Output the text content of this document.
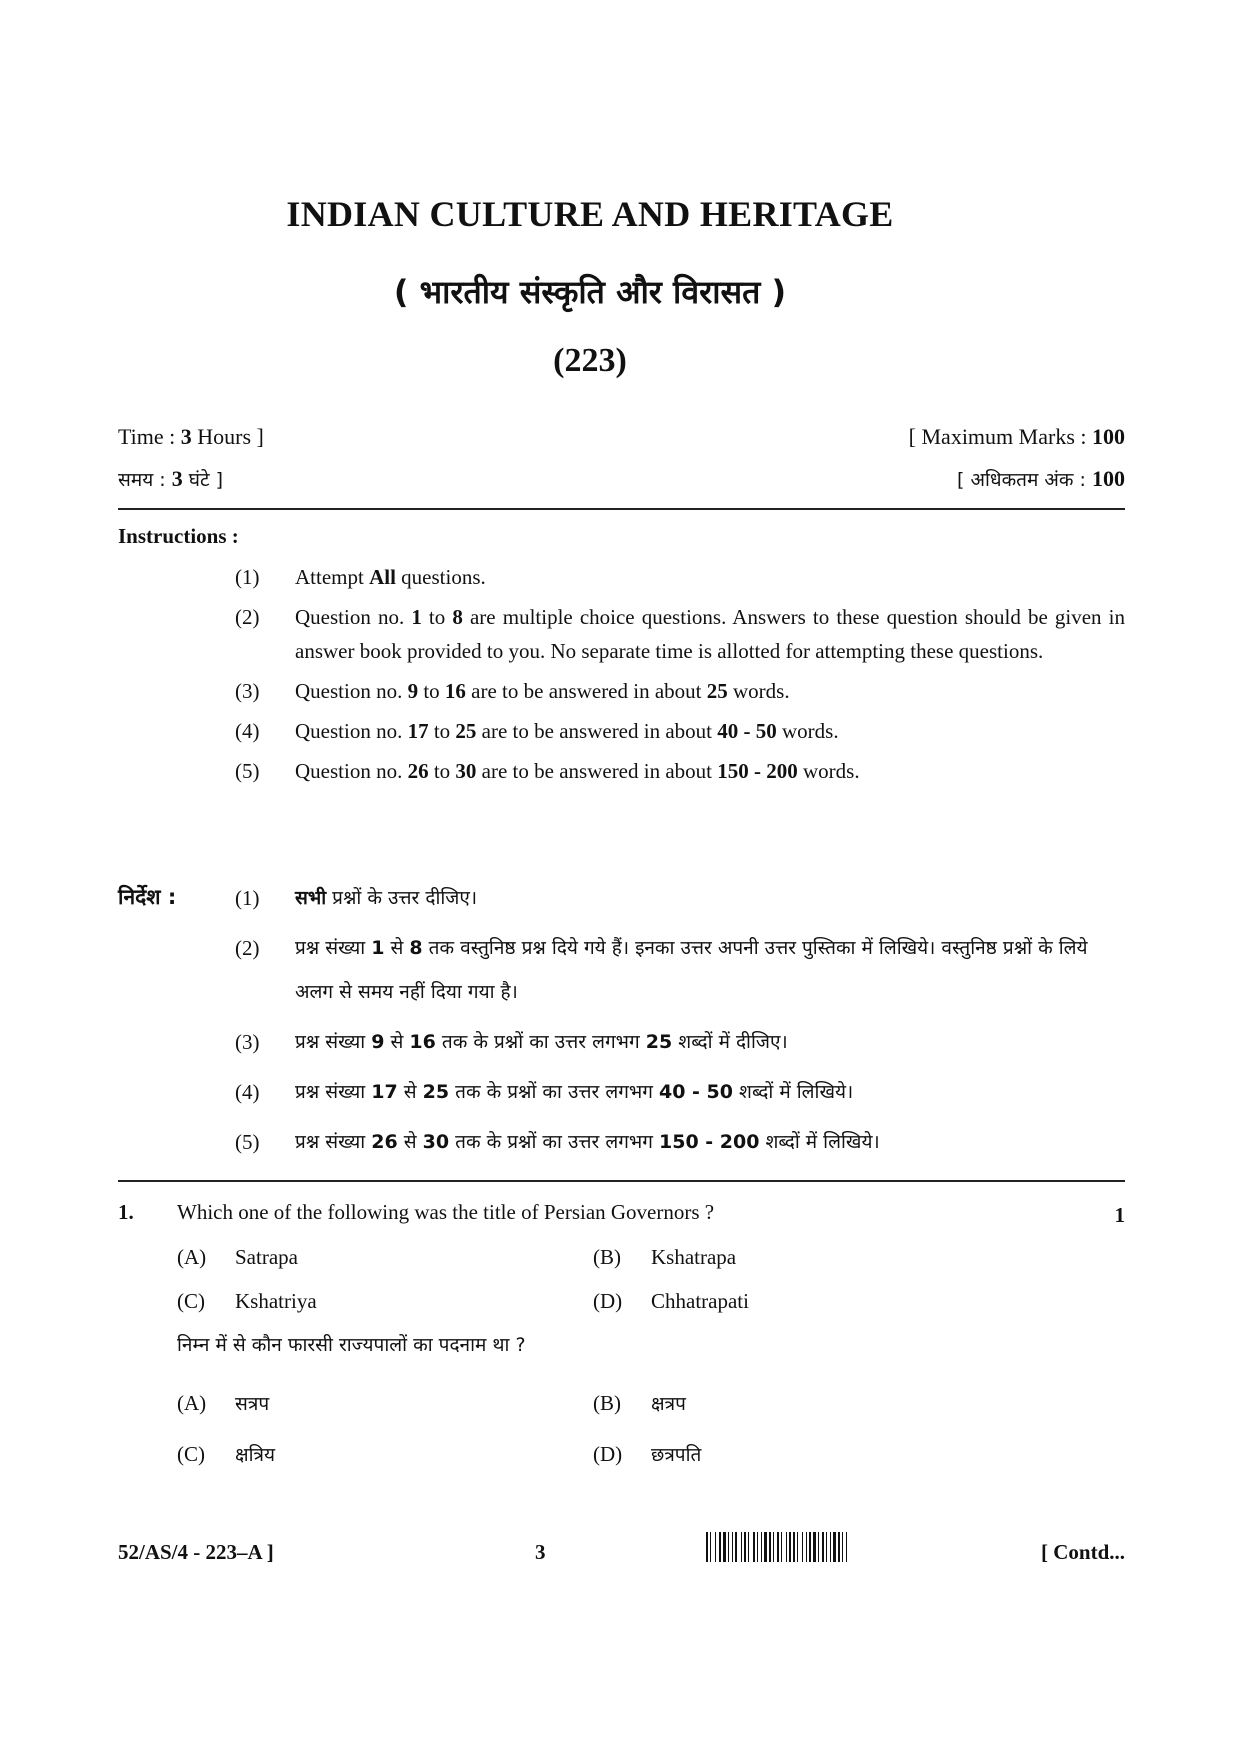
INDIAN CULTURE AND HERITAGE
( भारतीय संस्कृति और विरासत )
(223)
Time : 3 Hours ]	[ Maximum Marks : 100
समय : 3 घंटे ]	[ अधिकतम अंक : 100
Instructions :
(1)	Attempt All questions.
(2)	Question no. 1 to 8 are multiple choice questions. Answers to these question should be given in answer book provided to you. No separate time is allotted for attempting these questions.
(3)	Question no. 9 to 16 are to be answered in about 25 words.
(4)	Question no. 17 to 25 are to be answered in about 40 - 50 words.
(5)	Question no. 26 to 30 are to be answered in about 150 - 200 words.
निर्देश :	(1)	सभी प्रश्नों के उत्तर दीजिए।
(2)	प्रश्न संख्या 1 से 8 तक वस्तुनिष्ठ प्रश्न दिये गये हैं। इनका उत्तर अपनी उत्तर पुस्तिका में लिखिये। वस्तुनिष्ठ प्रश्नों के लिये अलग से समय नहीं दिया गया है।
(3)	प्रश्न संख्या 9 से 16 तक के प्रश्नों का उत्तर लगभग 25 शब्दों में दीजिए।
(4)	प्रश्न संख्या 17 से 25 तक के प्रश्नों का उत्तर लगभग 40 - 50 शब्दों में लिखिये।
(5)	प्रश्न संख्या 26 से 30 तक के प्रश्नों का उत्तर लगभग 150 - 200 शब्दों में लिखिये।
1. Which one of the following was the title of Persian Governors ?	1
(A) Satrapa	(B) Kshatrapa
(C) Kshatriya	(D) Chhatrapati
निम्न में से कौन फारसी राज्यपालों का पदनाम था ?
(A) सत्रप	(B) क्षत्रप
(C) क्षत्रिय	(D) छत्रपति
52/AS/4 - 223–A ]	3	[ Contd...
